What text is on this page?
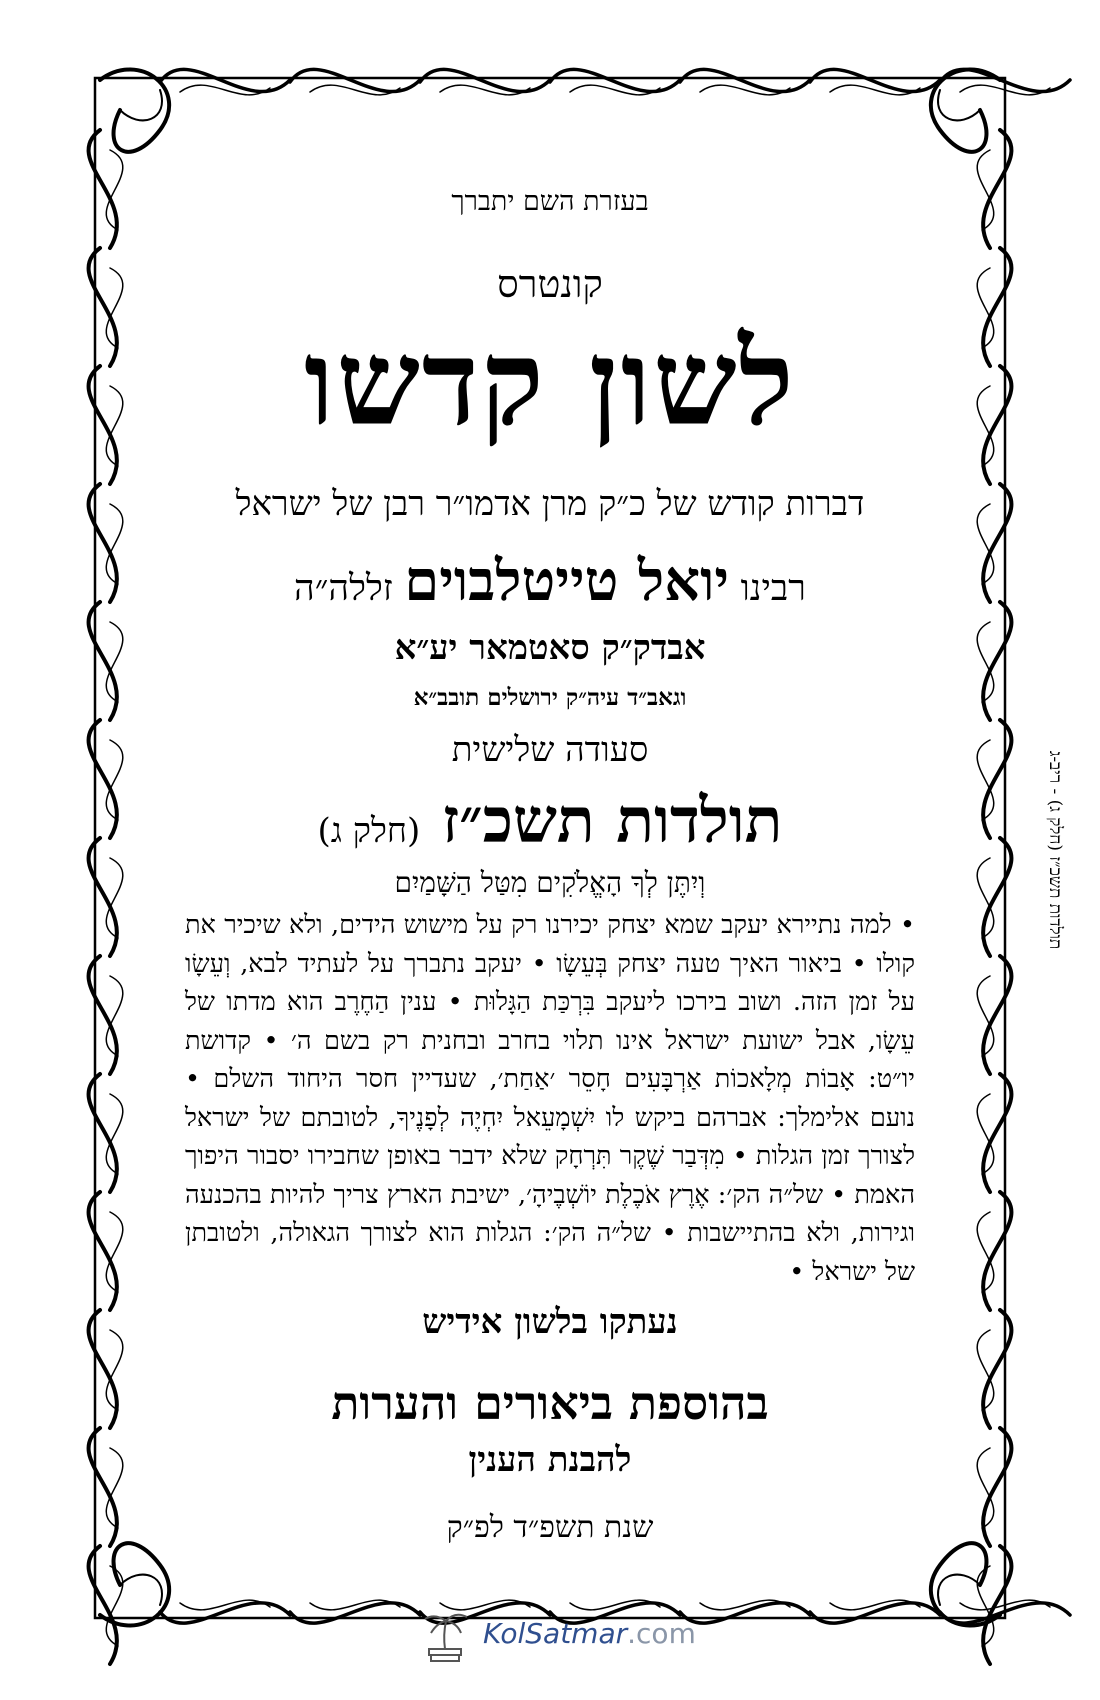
בעזרת השם יתברך
קונטרס
לשון קדשו
דברות קודש של כ״ק מרן אדמו״ר רבן של ישראל
רבינו יואל טייטלבוים זללה״ה
אבדק״ק סאטמאר יע״א
וגאב״ד עיה״ק ירושלים תובב״א
סעודה שלישית
תולדות תשכ״ז (חלק ג)
וְיִתֶּן לְךָ הָאֱלֹקִים מִטַּל הַשָּׁמַיִם
• למה נתיירא יעקב שמא יצחק יכירנו רק על מישוש הידים, ולא שיכיר את קולו • ביאור האיך טעה יצחק בְּעֵשָׂו • יעקב נתברך על לעתיד לבא, וְעֵשָׂו על זמן הזה. ושוב בירכו ליעקב בִּרְכַּת הַגָּלוּת • ענין הַחֶרֶב הוא מדתו של עֵשָׂו, אבל ישועת ישראל אינו תלוי בחרב ובחנית רק בשם ה׳ • קדושת יו״ט: אָבוֹת מְלָאכוֹת אַרְבָּעִים חָסֵר ׳אַחַת׳, שעדיין חסר היחוד השלם • נועם אלימלך: אברהם ביקש לו יִשְׁמָעֵאל יִחְיֶה לְפָנֶיךָ, לטובתם של ישראל לצורך זמן הגלות • מִדְּבַר שֶׁקֶר תִּרְחָק שלא ידבר באופן שחבירו יסבור היפוך האמת • של״ה הק׳: אֶרֶץ אֹכֶלֶת יוֹשְׁבֶיהָ׳, ישיבת הארץ צריך להיות בהכנעה וגירות, ולא בהתיישבות • של״ה הק׳: הגלות הוא לצורך הגאולה, ולטובתן של ישראל •
נעתקו בלשון אידיש
בהוספת ביאורים והערות
להבנת הענין
שנת תשפ״ד לפ״ק
תולדות תשכ״ז (חלק ג) - ריב-ג
KolSatmar.com
